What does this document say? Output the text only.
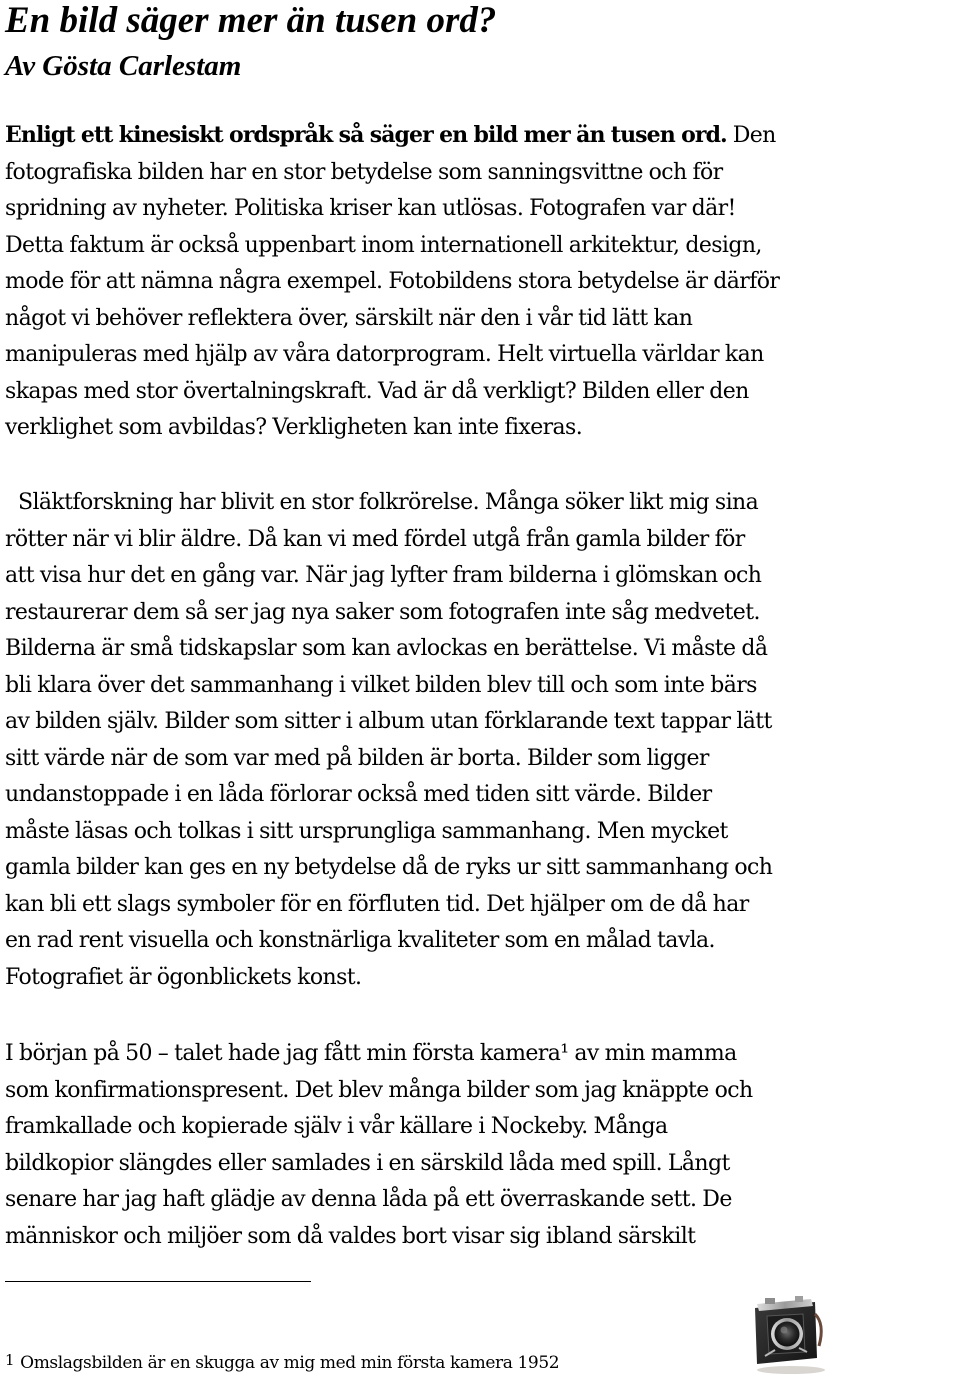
En bild säger mer än tusen ord?
Av Gösta Carlestam

Enligt ett kinesiskt ordspråk så säger en bild mer än tusen ord. Den
fotografiska bilden har en stor betydelse som sanningsvittne och för
spridning av nyheter. Politiska kriser kan utlösas. Fotografen var där!
Detta faktum är också uppenbart inom internationell arkitektur, design,
mode för att nämna några exempel. Fotobildens stora betydelse är därför
något vi behöver reflektera över, särskilt när den i vår tid lätt kan
manipuleras med hjälp av våra datorprogram. Helt virtuella världar kan
skapas med stor övertalningskraft. Vad är då verkligt? Bilden eller den
verklighet som avbildas? Verkligheten kan inte fixeras.

Släktforskning har blivit en stor folkrörelse. Många söker likt mig sina
rötter när vi blir äldre. Då kan vi med fördel utgå från gamla bilder för
att visa hur det en gång var. När jag lyfter fram bilderna i glömskan och
restaurerar dem så ser jag nya saker som fotografen inte såg medvetet.
Bilderna är små tidskapslar som kan avlockas en berättelse. Vi måste då
bli klara över det sammanhang i vilket bilden blev till och som inte bärs
av bilden själv. Bilder som sitter i album utan förklarande text tappar lätt
sitt värde när de som var med på bilden är borta. Bilder som ligger
undanstoppade i en låda förlorar också med tiden sitt värde. Bilder
måste läsas och tolkas i sitt ursprungliga sammanhang. Men mycket
gamla bilder kan ges en ny betydelse då de ryks ur sitt sammanhang och
kan bli ett slags symboler för en förfluten tid. Det hjälper om de då har
en rad rent visuella och konstnärliga kvaliteter som en målad tavla.
Fotografiet är ögonblickets konst.

I början på 50 – talet hade jag fått min första kamera¹ av min mamma
som konfirmationspresent. Det blev många bilder som jag knäppte och
framkallade och kopierade själv i vår källare i Nockeby. Många
bildkopior slängdes eller samlades i en särskild låda med spill. Långt
senare har jag haft glädje av denna låda på ett överraskande sett. De
människor och miljöer som då valdes bort visar sig ibland särskilt

1 Omslagsbilden är en skugga av mig med min första kamera 1952
